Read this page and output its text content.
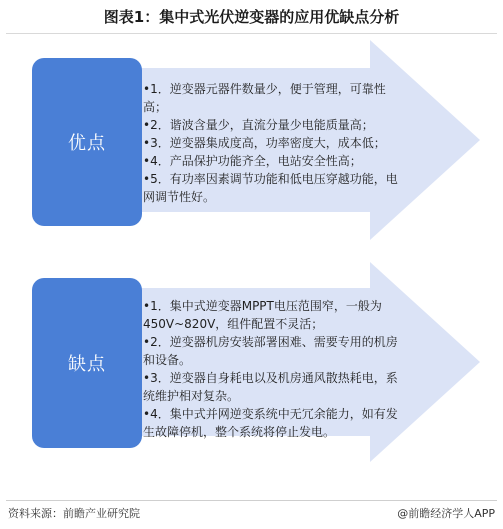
图表1：集中式光伏逆变器的应用优缺点分析
优点
•1．逆变器元器件数量少，便于管理，可靠性高；
•2．谐波含量少，直流分量少电能质量高；
•3．逆变器集成度高，功率密度大，成本低；
•4．产品保护功能齐全，电站安全性高；
•5．有功率因素调节功能和低电压穿越功能，电网调节性好。
缺点
•1．集中式逆变器MPPT电压范围窄，一般为450V~820V，组件配置不灵活；
•2．逆变器机房安装部署困难、需要专用的机房和设备。
•3．逆变器自身耗电以及机房通风散热耗电，系统维护相对复杂。
•4．集中式并网逆变系统中无冗余能力，如有发生故障停机，整个系统将停止发电。
资料来源：前瞻产业研究院	@前瞻经济学人APP
